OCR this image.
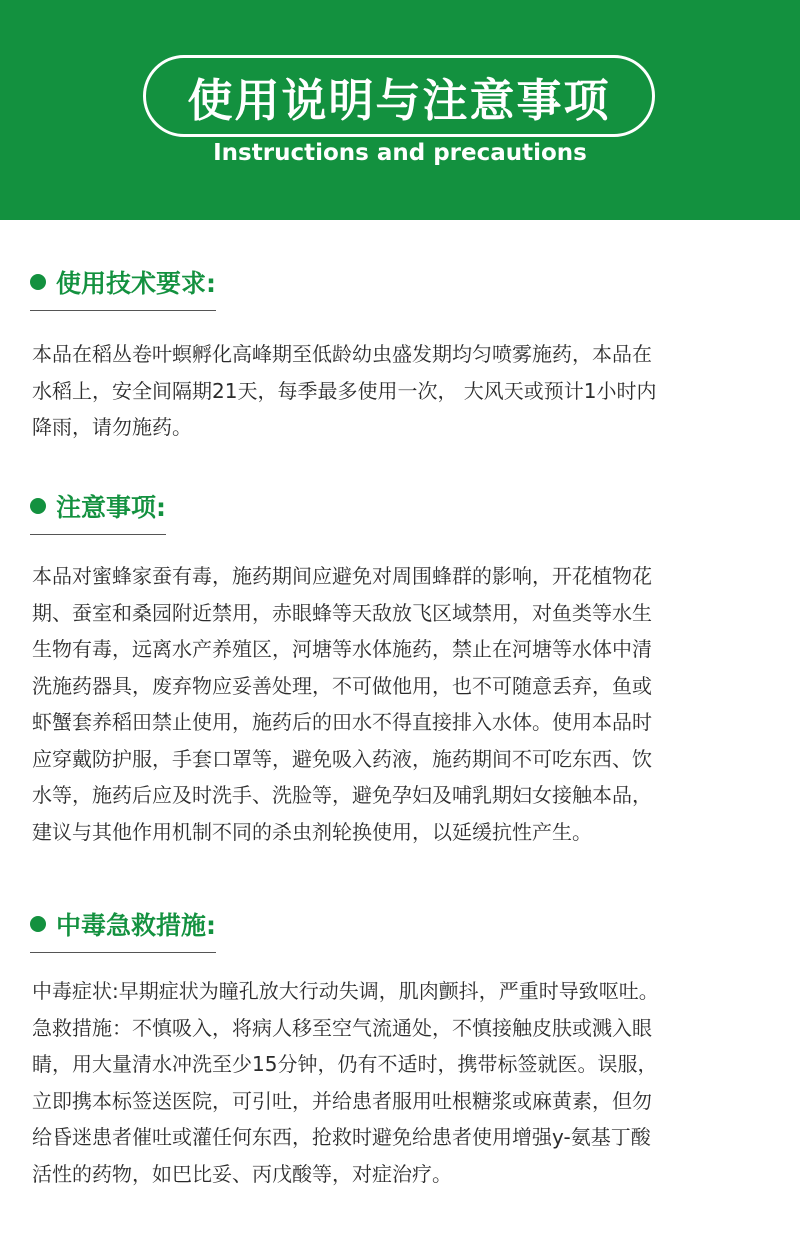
使用说明与注意事项
Instructions and precautions
使用技术要求:
本品在稻丛卷叶螟孵化高峰期至低龄幼虫盛发期均匀喷雾施药，本品在
水稻上，安全间隔期21天，每季最多使用一次， 大风天或预计1小时内
降雨，请勿施药。
注意事项:
本品对蜜蜂家蚕有毒，施药期间应避免对周围蜂群的影响，开花植物花
期、蚕室和桑园附近禁用，赤眼蜂等天敌放飞区域禁用，对鱼类等水生
生物有毒，远离水产养殖区，河塘等水体施药，禁止在河塘等水体中清
洗施药器具，废弃物应妥善处理，不可做他用，也不可随意丢弃，鱼或
虾蟹套养稻田禁止使用，施药后的田水不得直接排入水体。使用本品时
应穿戴防护服，手套口罩等，避免吸入药液，施药期间不可吃东西、饮
水等，施药后应及时洗手、洗脸等，避免孕妇及哺乳期妇女接触本品，
建议与其他作用机制不同的杀虫剂轮换使用，以延缓抗性产生。
中毒急救措施:
中毒症状:早期症状为瞳孔放大行动失调，肌肉颤抖，严重时导致呕吐。
急救措施：不慎吸入，将病人移至空气流通处，不慎接触皮肤或溅入眼
睛，用大量清水冲洗至少15分钟，仍有不适时，携带标签就医。误服，
立即携本标签送医院，可引吐，并给患者服用吐根糖浆或麻黄素，但勿
给昏迷患者催吐或灌任何东西，抢救时避免给患者使用增强y-氨基丁酸
活性的药物，如巴比妥、丙戊酸等，对症治疗。
